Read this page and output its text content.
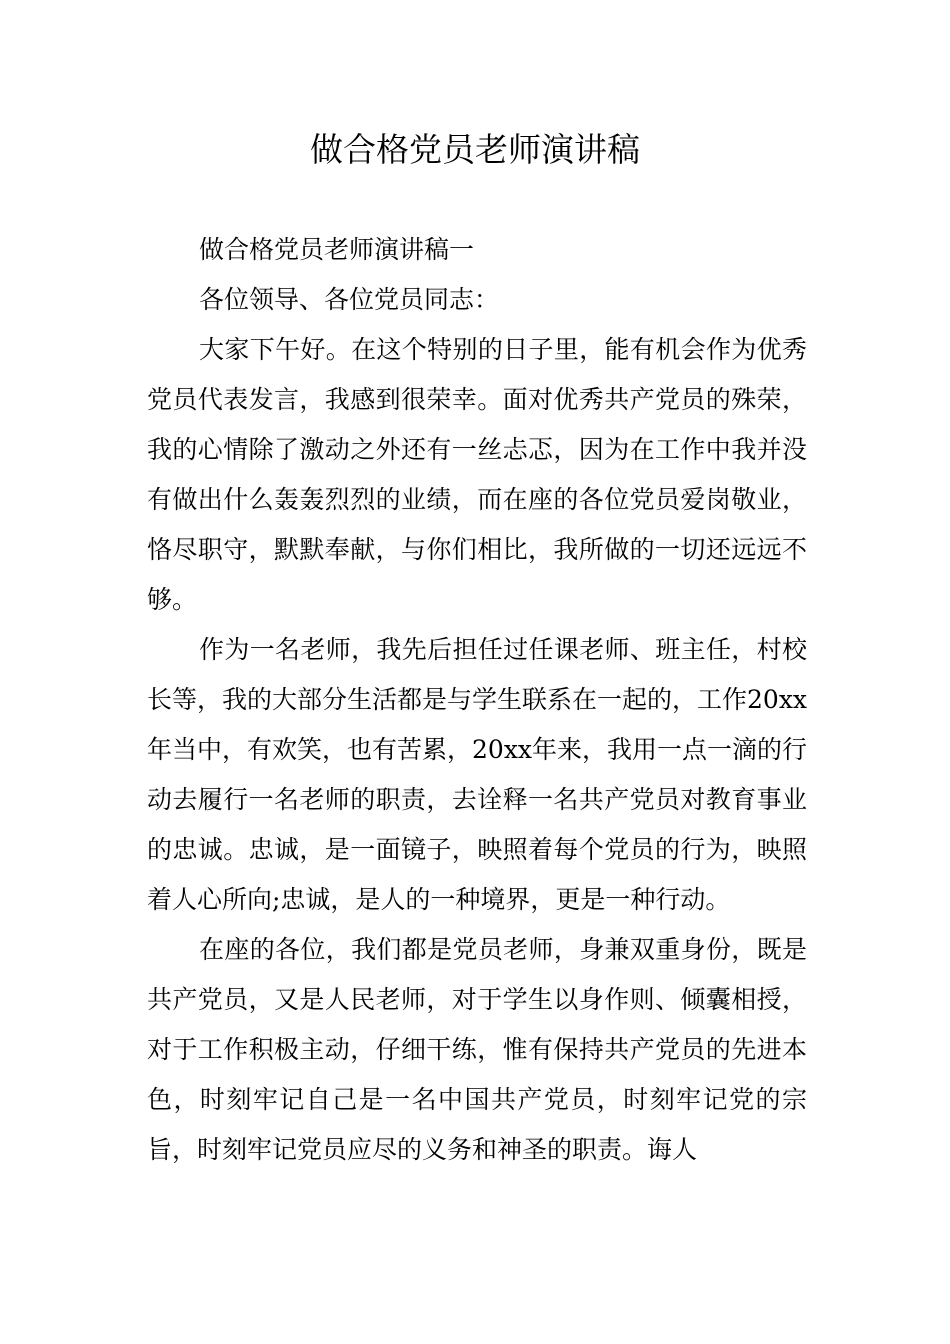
做合格党员老师演讲稿

做合格党员老师演讲稿一

各位领导、各位党员同志：

大家下午好。在这个特别的日子里，能有机会作为优秀党员代表发言，我感到很荣幸。面对优秀共产党员的殊荣，我的心情除了激动之外还有一丝忐忑，因为在工作中我并没有做出什么轰轰烈烈的业绩，而在座的各位党员爱岗敬业，恪尽职守，默默奉献，与你们相比，我所做的一切还远远不够。

作为一名老师，我先后担任过任课老师、班主任，村校长等，我的大部分生活都是与学生联系在一起的，工作20xx年当中，有欢笑，也有苦累，20xx年来，我用一点一滴的行动去履行一名老师的职责，去诠释一名共产党员对教育事业的忠诚。忠诚，是一面镜子，映照着每个党员的行为，映照着人心所向;忠诚，是人的一种境界，更是一种行动。

在座的各位，我们都是党员老师，身兼双重身份，既是共产党员，又是人民老师，对于学生以身作则、倾囊相授，对于工作积极主动，仔细干练，惟有保持共产党员的先进本色，时刻牢记自己是一名中国共产党员，时刻牢记党的宗旨，时刻牢记党员应尽的义务和神圣的职责。诲人
